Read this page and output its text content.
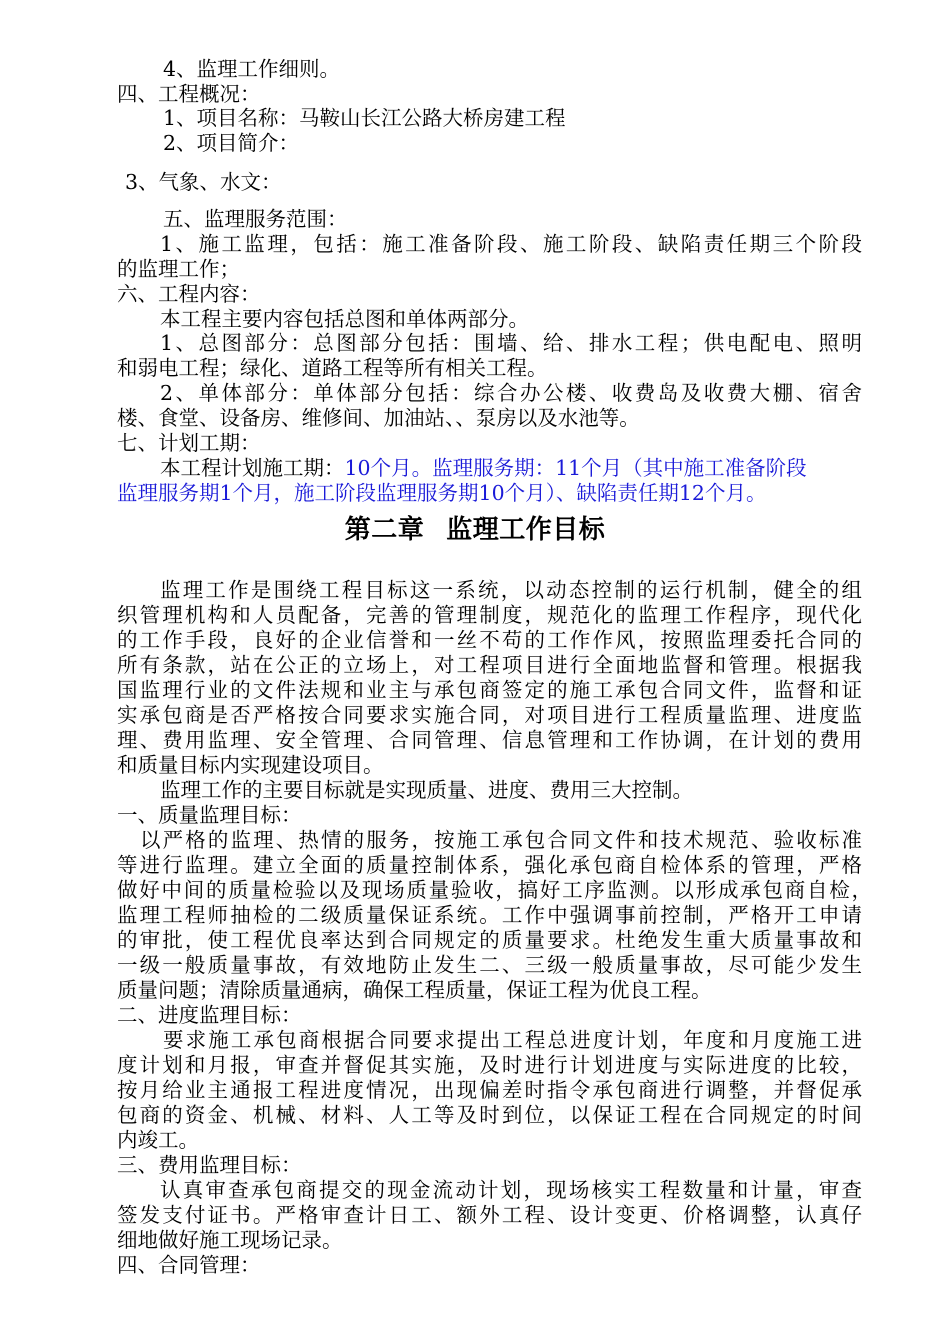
4、监理工作细则。
四、工程概况：
1、项目名称：马鞍山长江公路大桥房建工程
2、项目简介：
3、气象、水文：
五、监理服务范围：
1、施工监理，包括：施工准备阶段、施工阶段、缺陷责任期三个阶段
的监理工作；
六、工程内容：
本工程主要内容包括总图和单体两部分。
1、总图部分：总图部分包括：围墙、给、排水工程；供电配电、照明
和弱电工程；绿化、道路工程等所有相关工程。
2、单体部分：单体部分包括：综合办公楼、收费岛及收费大棚、宿舍
楼、食堂、设备房、维修间、加油站、、泵房以及水池等。
七、计划工期：
本工程计划施工期：10个月。监理服务期：11个月（其中施工准备阶段
监理服务期1个月，施工阶段监理服务期10个月）、缺陷责任期12个月。
第二章 监理工作目标
监理工作是围绕工程目标这一系统，以动态控制的运行机制，健全的组
织管理机构和人员配备，完善的管理制度，规范化的监理工作程序，现代化
的工作手段，良好的企业信誉和一丝不苟的工作作风，按照监理委托合同的
所有条款，站在公正的立场上，对工程项目进行全面地监督和管理。根据我
国监理行业的文件法规和业主与承包商签定的施工承包合同文件，监督和证
实承包商是否严格按合同要求实施合同，对项目进行工程质量监理、进度监
理、费用监理、安全管理、合同管理、信息管理和工作协调，在计划的费用
和质量目标内实现建设项目。
监理工作的主要目标就是实现质量、进度、费用三大控制。
一、质量监理目标：
以严格的监理、热情的服务，按施工承包合同文件和技术规范、验收标准
等进行监理。建立全面的质量控制体系，强化承包商自检体系的管理，严格
做好中间的质量检验以及现场质量验收，搞好工序监测。以形成承包商自检，
监理工程师抽检的二级质量保证系统。工作中强调事前控制，严格开工申请
的审批，使工程优良率达到合同规定的质量要求。杜绝发生重大质量事故和
一级一般质量事故，有效地防止发生二、三级一般质量事故，尽可能少发生
质量问题；清除质量通病，确保工程质量，保证工程为优良工程。
二、进度监理目标：
要求施工承包商根据合同要求提出工程总进度计划，年度和月度施工进
度计划和月报，审查并督促其实施，及时进行计划进度与实际进度的比较，
按月给业主通报工程进度情况，出现偏差时指令承包商进行调整，并督促承
包商的资金、机械、材料、人工等及时到位，以保证工程在合同规定的时间
内竣工。
三、费用监理目标：
认真审查承包商提交的现金流动计划，现场核实工程数量和计量，审查
签发支付证书。严格审查计日工、额外工程、设计变更、价格调整，认真仔
细地做好施工现场记录。
四、合同管理：
